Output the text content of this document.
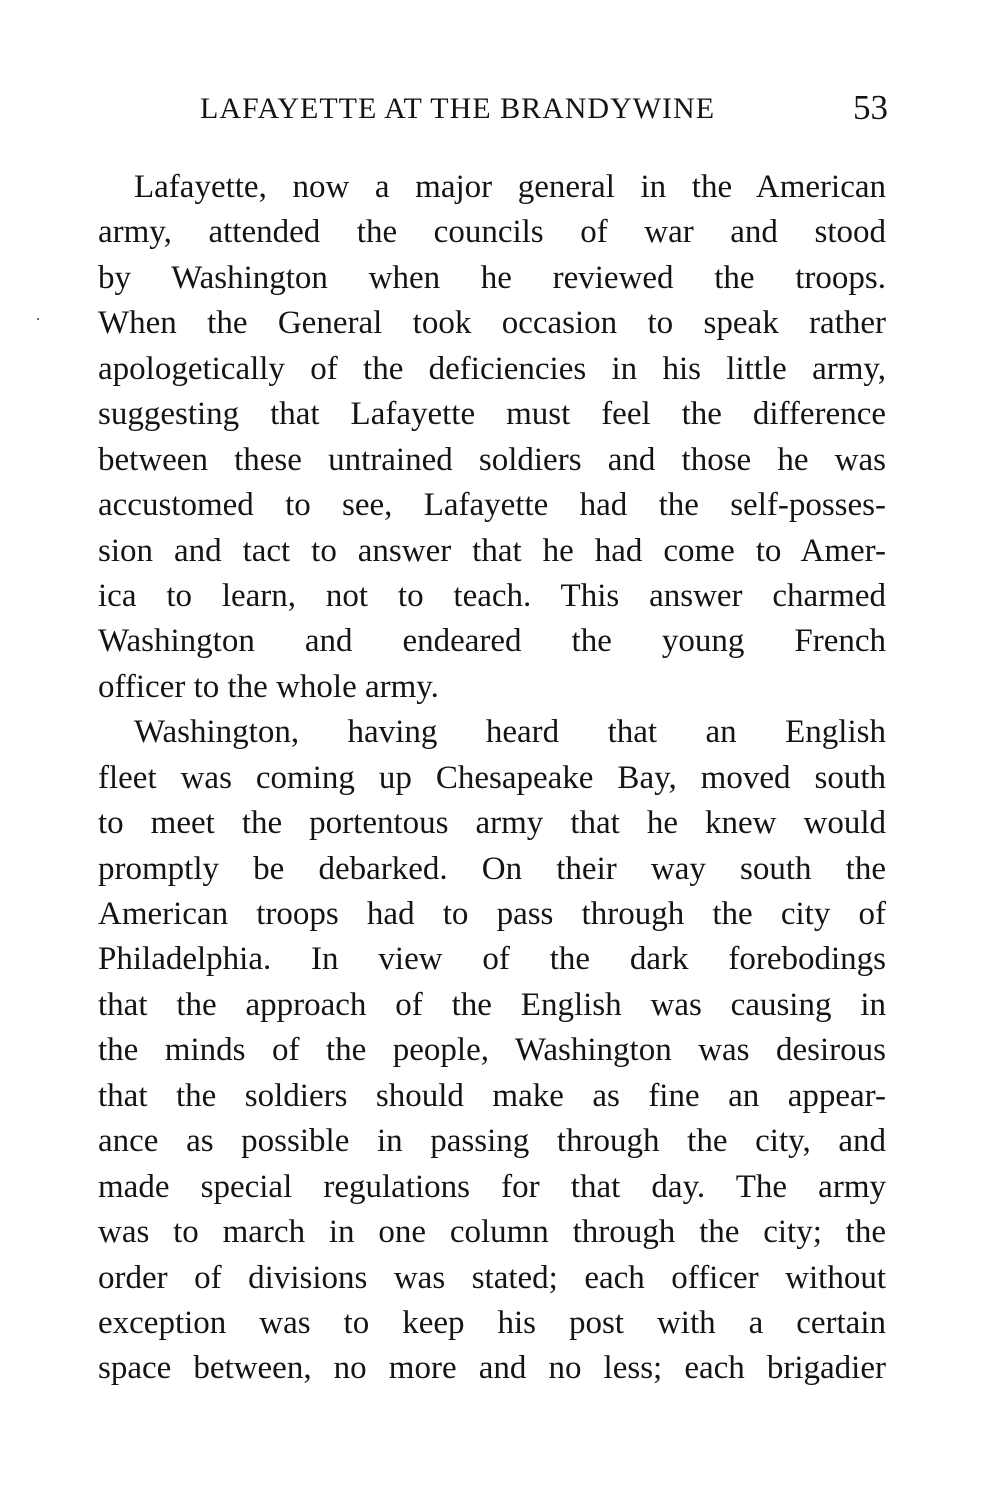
LAFAYETTE AT THE BRANDYWINE	53

Lafayette, now a major general in the American
army, attended the councils of war and stood
by Washington when he reviewed the troops.
When the General took occasion to speak rather
apologetically of the deficiencies in his little army,
suggesting that Lafayette must feel the difference
between these untrained soldiers and those he was
accustomed to see, Lafayette had the self-posses-
sion and tact to answer that he had come to Amer-
ica to learn, not to teach. This answer charmed
Washington and endeared the young French
officer to the whole army.

Washington, having heard that an English
fleet was coming up Chesapeake Bay, moved south
to meet the portentous army that he knew would
promptly be debarked. On their way south the
American troops had to pass through the city of
Philadelphia. In view of the dark forebodings
that the approach of the English was causing in
the minds of the people, Washington was desirous
that the soldiers should make as fine an appear-
ance as possible in passing through the city, and
made special regulations for that day. The army
was to march in one column through the city; the
order of divisions was stated; each officer without
exception was to keep his post with a certain
space between, no more and no less; each brigadier
